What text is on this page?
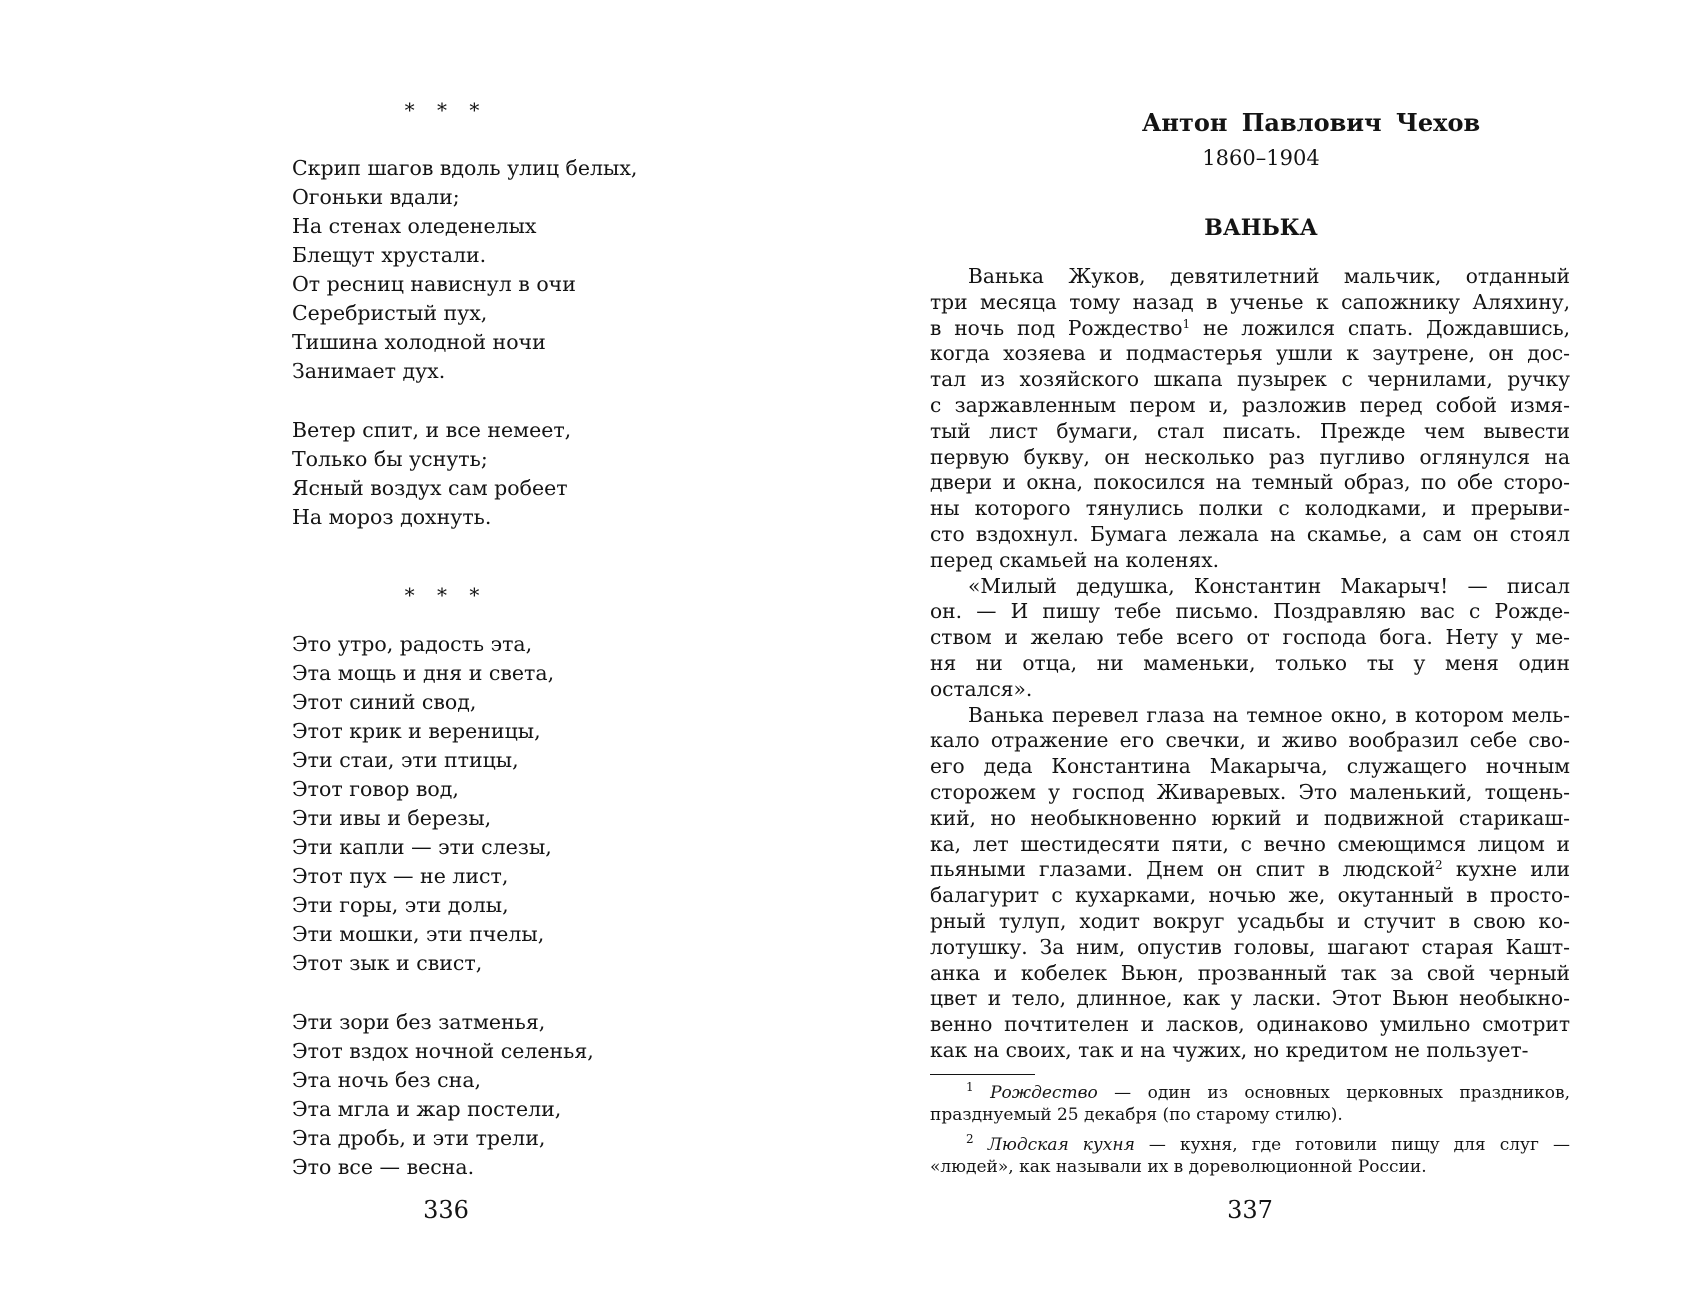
* * *
Скрип шагов вдоль улиц белых,
Огоньки вдали;
На стенах оледенелых
Блещут хрустали.
От ресниц нависнул в очи
Серебристый пух,
Тишина холодной ночи
Занимает дух.
Ветер спит, и все немеет,
Только бы уснуть;
Ясный воздух сам робеет
На мороз дохнуть.
* * *
Это утро, радость эта,
Эта мощь и дня и света,
Этот синий свод,
Этот крик и вереницы,
Эти стаи, эти птицы,
Этот говор вод,
Эти ивы и березы,
Эти капли — эти слезы,
Этот пух — не лист,
Эти горы, эти долы,
Эти мошки, эти пчелы,
Этот зык и свист,
Эти зори без затменья,
Этот вздох ночной селенья,
Эта ночь без сна,
Эта мгла и жар постели,
Эта дробь, и эти трели,
Это все — весна.
336
Антон Павлович Чехов
1860–1904
ВАНЬКА
Ванька Жуков, девятилетний мальчик, отданный
три месяца тому назад в ученье к сапожнику Аляхину,
в ночь под Рождество$^1$ не ложился спать. Дождавшись,
когда хозяева и подмастерья ушли к заутрене, он дос-
тал из хозяйского шкапа пузырек с чернилами, ручку
с заржавленным пером и, разложив перед собой измя-
тый лист бумаги, стал писать. Прежде чем вывести
первую букву, он несколько раз пугливо оглянулся на
двери и окна, покосился на темный образ, по обе сторо-
ны которого тянулись полки с колодками, и прерыви-
сто вздохнул. Бумага лежала на скамье, а сам он стоял
перед скамьей на коленях.
«Милый дедушка, Константин Макарыч! — писал
он. — И пишу тебе письмо. Поздравляю вас с Рожде-
ством и желаю тебе всего от господа бога. Нету у ме-
ня ни отца, ни маменьки, только ты у меня один
остался».
Ванька перевел глаза на темное окно, в котором мель-
кало отражение его свечки, и живо вообразил себе сво-
его деда Константина Макарыча, служащего ночным
сторожем у господ Живаревых. Это маленький, тощень-
кий, но необыкновенно юркий и подвижной старикаш-
ка, лет шестидесяти пяти, с вечно смеющимся лицом и
пьяными глазами. Днем он спит в людской$^2$ кухне или
балагурит с кухарками, ночью же, окутанный в просто-
рный тулуп, ходит вокруг усадьбы и стучит в свою ко-
лотушку. За ним, опустив головы, шагают старая Кашт-
анка и кобелек Вьюн, прозванный так за свой черный
цвет и тело, длинное, как у ласки. Этот Вьюн необыкно-
венно почтителен и ласков, одинаково умильно смотрит
как на своих, так и на чужих, но кредитом не пользует-
$^1$ Рождество — один из основных церковных праздников,
празднуемый 25 декабря (по старому стилю).
$^2$ Людская кухня — кухня, где готовили пищу для слуг —
«людей», как называли их в дореволюционной России.
337
